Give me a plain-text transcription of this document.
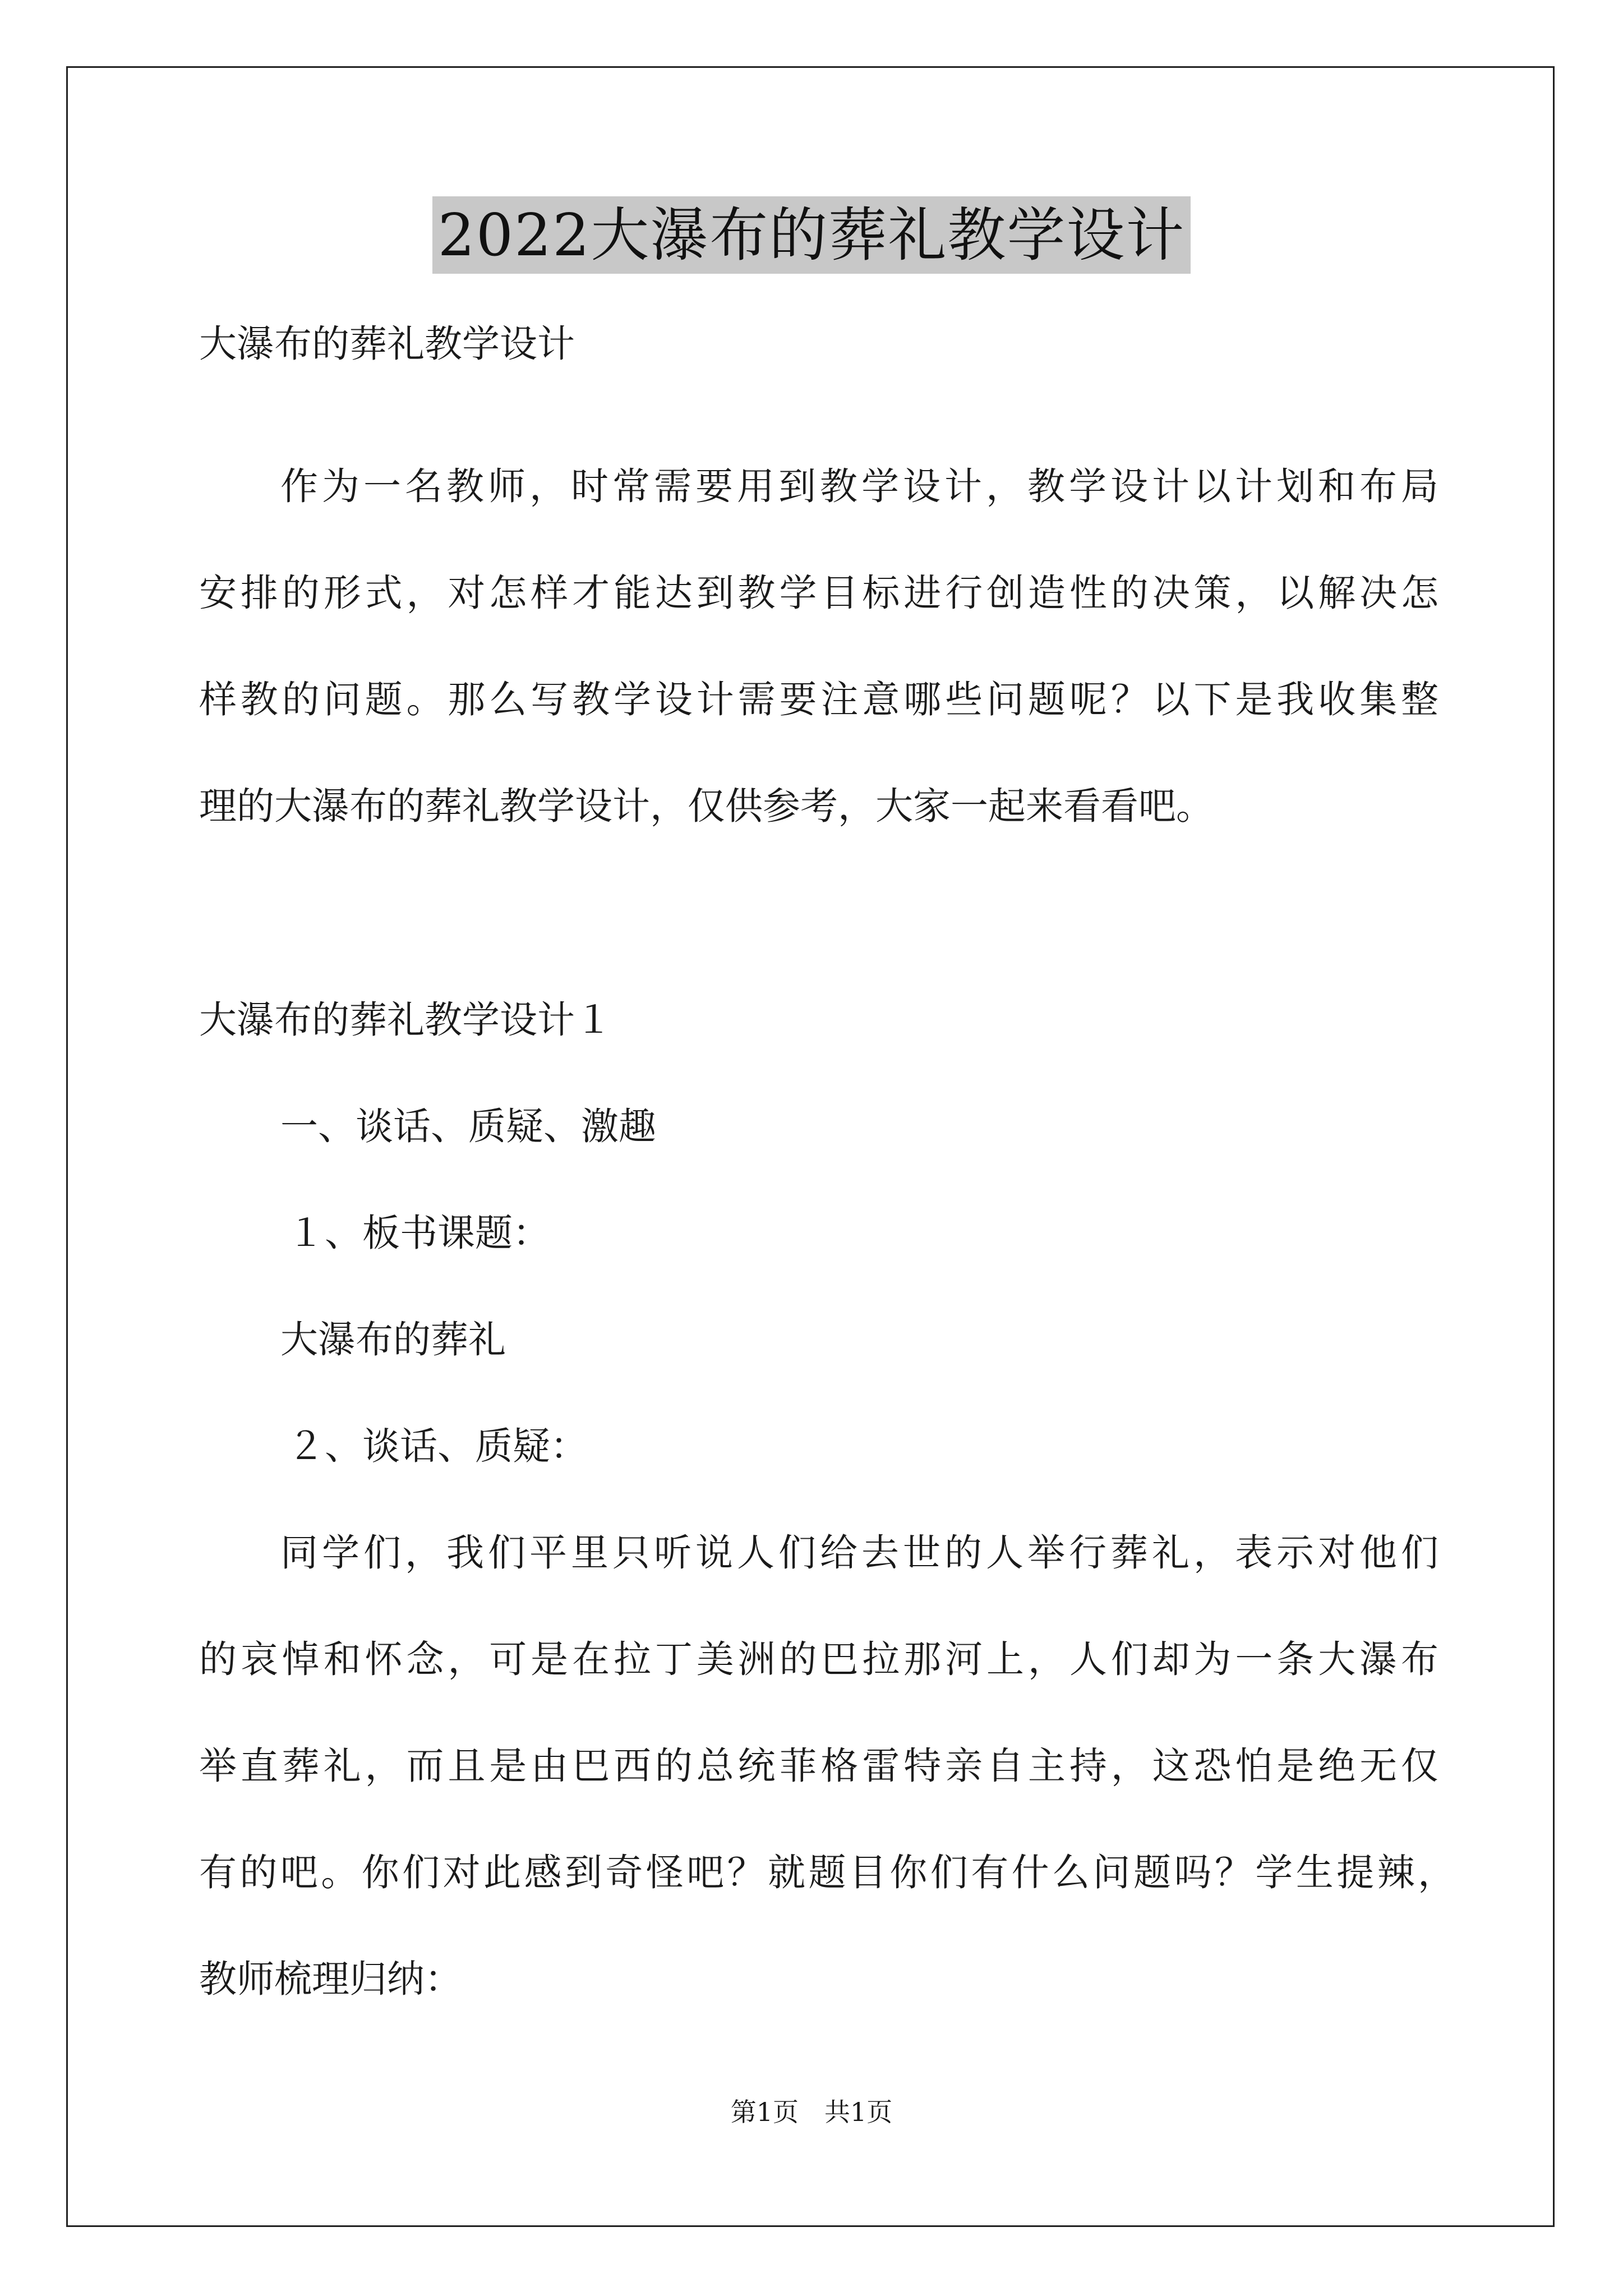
2022大瀑布的葬礼教学设计
大瀑布的葬礼教学设计
作为一名教师，时常需要用到教学设计，教学设计以计划和布局
安排的形式，对怎样才能达到教学目标进行创造性的决策，以解决怎
样教的问题。那么写教学设计需要注意哪些问题呢？以下是我收集整
理的大瀑布的葬礼教学设计，仅供参考，大家一起来看看吧。
大瀑布的葬礼教学设计１
一、谈话、质疑、激趣
１、板书课题：
大瀑布的葬礼
２、谈话、质疑：
同学们，我们平里只听说人们给去世的人举行葬礼，表示对他们
的哀悼和怀念，可是在拉丁美洲的巴拉那河上，人们却为一条大瀑布
举直葬礼，而且是由巴西的总统菲格雷特亲自主持，这恐怕是绝无仅
有的吧。你们对此感到奇怪吧？就题目你们有什么问题吗？学生提辣，
教师梳理归纳：
第1页　共1页
